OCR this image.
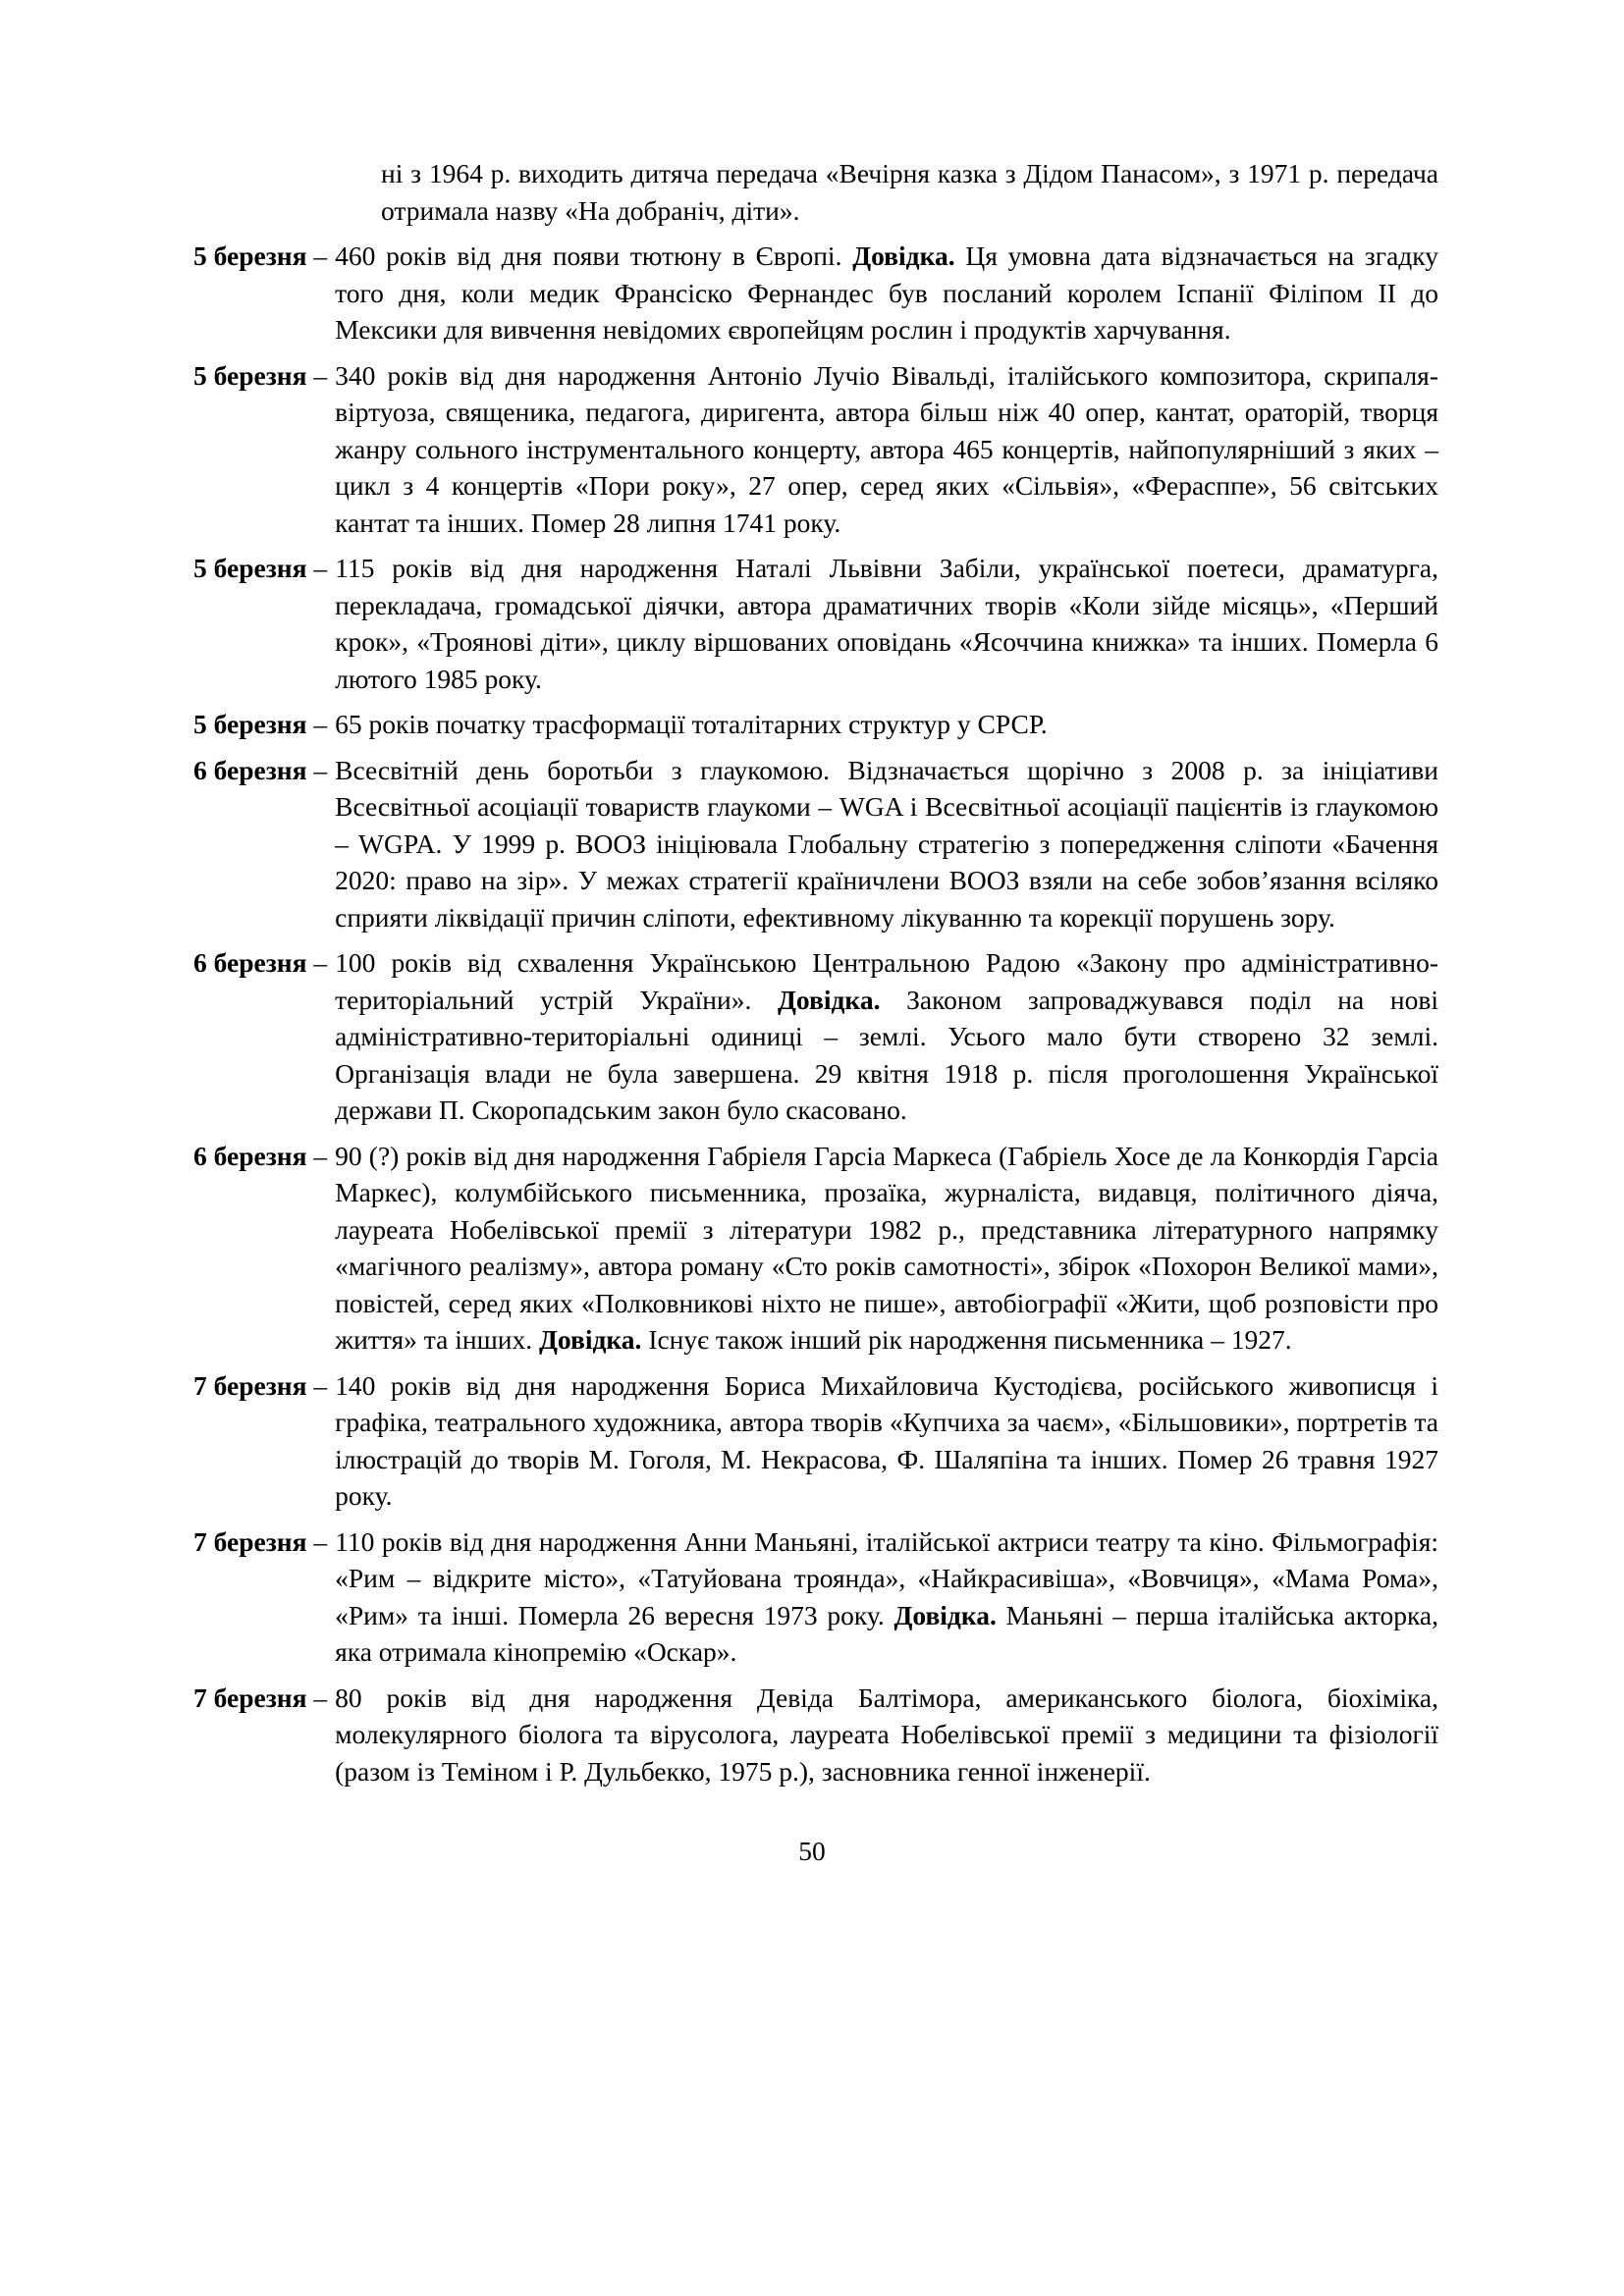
ні з 1964 р. виходить дитяча передача «Вечірня казка з Дідом Панасом», з 1971 р. передача отримала назву «На добраніч, діти».
5 березня – 460 років від дня появи тютюну в Європі. Довідка. Ця умовна дата відзначається на згадку того дня, коли медик Франсіско Фернандес був посланий королем Іспанії Філіпом II до Мексики для вивчення невідомих європейцям рослин і продуктів харчування.
5 березня – 340 років від дня народження Антоніо Лучіо Вівальді, італійського композитора, скрипаля-віртуоза, священика, педагога, диригента, автора більш ніж 40 опер, кантат, ораторій, творця жанру сольного інструментального концерту, автора 465 концертів, найпопулярніший з яких – цикл з 4 концертів «Пори року», 27 опер, серед яких «Сільвія», «Ферасппе», 56 світських кантат та інших. Помер 28 липня 1741 року.
5 березня – 115 років від дня народження Наталі Львівни Забіли, української поетеси, драматурга, перекладача, громадської діячки, автора драматичних творів «Коли зійде місяць», «Перший крок», «Троянові діти», циклу віршованих оповідань «Ясоччина книжка» та інших. Померла 6 лютого 1985 року.
5 березня – 65 років початку трасформації тоталітарних структур у СРСР.
6 березня – Всесвітній день боротьби з глаукомою. Відзначається щорічно з 2008 р. за ініціативи Всесвітньої асоціації товариств глаукоми – WGA і Всесвітньої асоціації пацієнтів із глаукомою – WGPA. У 1999 р. ВООЗ ініціювала Глобальну стратегію з попередження сліпоти «Бачення 2020: право на зір». У межах стратегії країничлени ВООЗ взяли на себе зобов’язання всіляко сприяти ліквідації причин сліпоти, ефективному лікуванню та корекції порушень зору.
6 березня – 100 років від схвалення Українською Центральною Радою «Закону про адміністративно-територіальний устрій України». Довідка. Законом запроваджувався поділ на нові адміністративно-територіальні одиниці – землі. Усього мало бути створено 32 землі. Організація влади не була завершена. 29 квітня 1918 р. після проголошення Української держави П. Скоропадським закон було скасовано.
6 березня – 90 (?) років від дня народження Габріеля Гарсіа Маркеса (Габріель Хосе де ла Конкордія Гарсіа Маркес), колумбійського письменника, прозаїка, журналіста, видавця, політичного діяча, лауреата Нобелівської премії з літератури 1982 р., представника літературного напрямку «магічного реалізму», автора роману «Сто років самотності», збірок «Похорон Великої мами», повістей, серед яких «Полковникові ніхто не пише», автобіографії «Жити, щоб розповісти про життя» та інших. Довідка. Існує також інший рік народження письменника – 1927.
7 березня – 140 років від дня народження Бориса Михайловича Кустодієва, російського живописця і графіка, театрального художника, автора творів «Купчиха за чаєм», «Більшовики», портретів та ілюстрацій до творів М. Гоголя, М. Некрасова, Ф. Шаляпіна та інших. Помер 26 травня 1927 року.
7 березня – 110 років від дня народження Анни Маньяні, італійської актриси театру та кіно. Фільмографія: «Рим – відкрите місто», «Татуйована троянда», «Найкрасивіша», «Вовчиця», «Мама Рома», «Рим» та інші. Померла 26 вересня 1973 року. Довідка. Маньяні – перша італійська акторка, яка отримала кінопремію «Оскар».
7 березня – 80 років від дня народження Девіда Балтімора, американського біолога, біохіміка, молекулярного біолога та вірусолога, лауреата Нобелівської премії з медицини та фізіології (разом із Теміном і Р. Дульбекко, 1975 р.), засновника генної інженерії.
50
